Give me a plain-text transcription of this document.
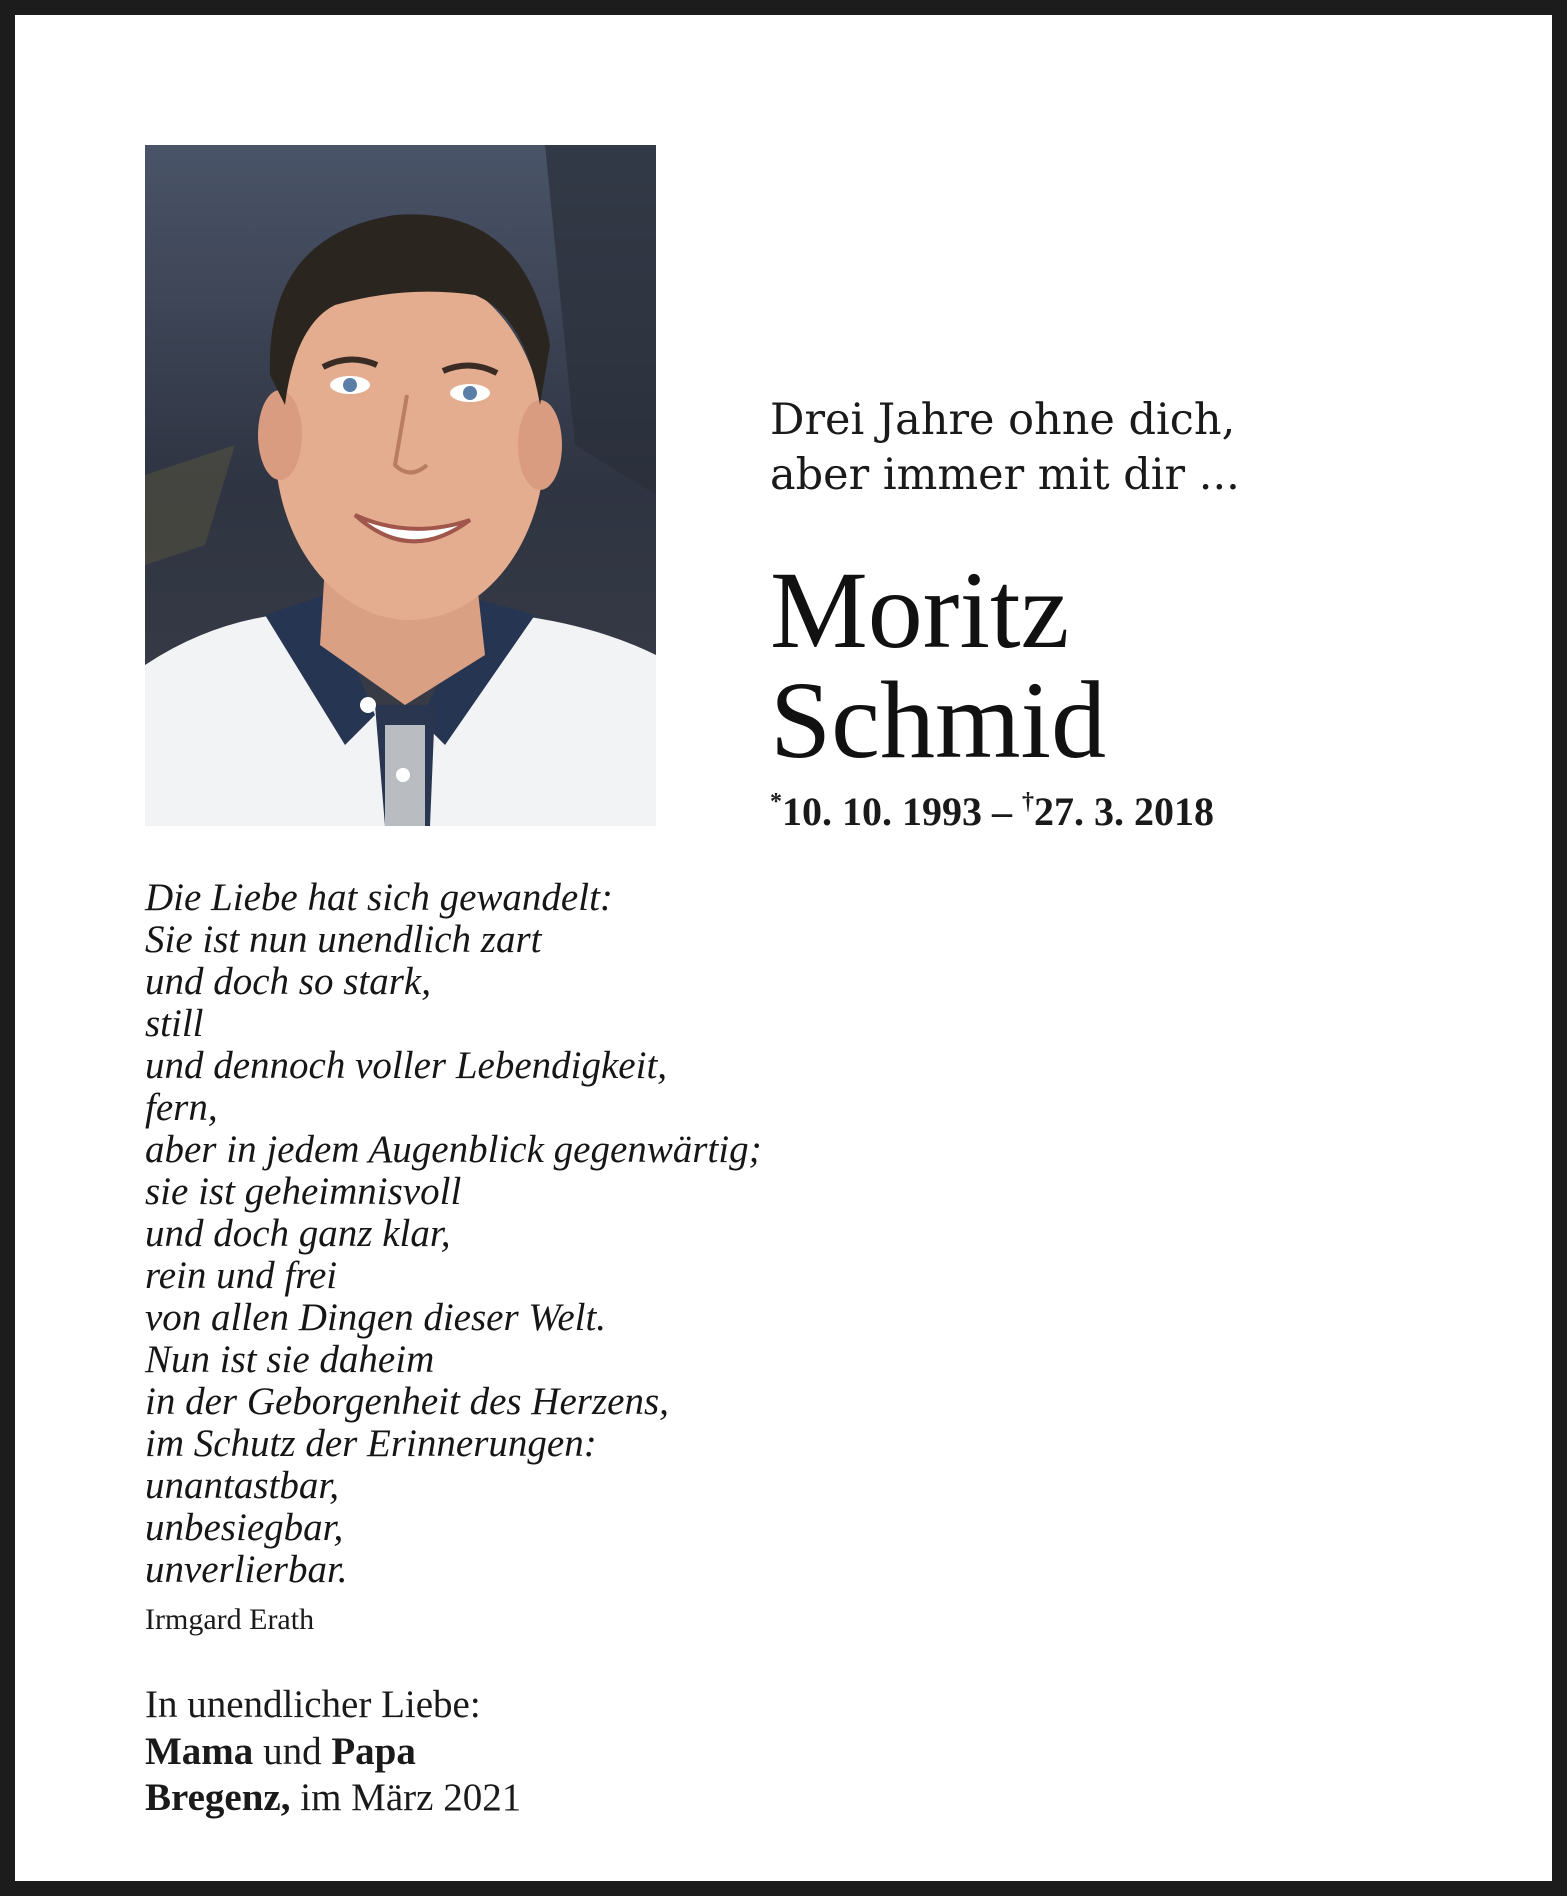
Drei Jahre ohne dich,
aber immer mit dir ...
Moritz
Schmid
*10. 10. 1993 – †27. 3. 2018
Die Liebe hat sich gewandelt:
Sie ist nun unendlich zart
und doch so stark,
still
und dennoch voller Lebendigkeit,
fern,
aber in jedem Augenblick gegenwärtig;
sie ist geheimnisvoll
und doch ganz klar,
rein und frei
von allen Dingen dieser Welt.
Nun ist sie daheim
in der Geborgenheit des Herzens,
im Schutz der Erinnerungen:
unantastbar,
unbesiegbar,
unverlierbar.
Irmgard Erath
In unendlicher Liebe:
Mama und Papa
Bregenz, im März 2021
